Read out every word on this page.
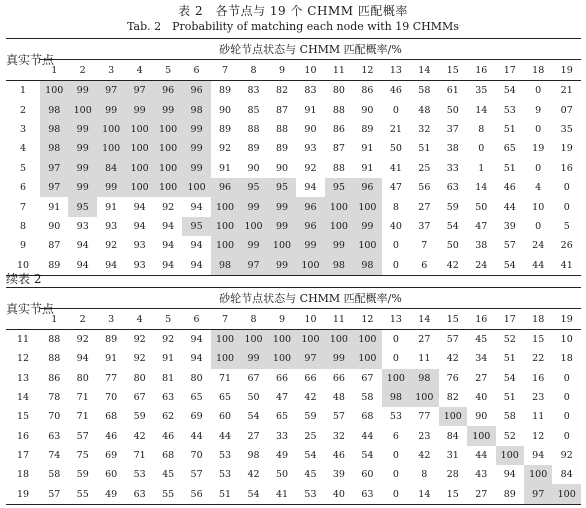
表 2　各节点与 19 个 CHMM 匹配概率
Tab. 2　Probability of matching each node with 19 CHMMs
真实节点	砂轮节点状态与 CHMM 匹配概率/%																		
	1	2	3	4	5	6	7	8	9	10	11	12	13	14	15	16	17	18	19
1	100	99	97	97	96	96	89	83	82	83	80	86	46	58	61	35	54	0	21
2	98	100	99	99	99	98	90	85	87	91	88	90	0	48	50	14	53	9	07
3	98	99	100	100	100	99	89	88	88	90	86	89	21	32	37	8	51	0	35
4	98	99	100	100	100	99	92	89	89	93	87	91	50	51	38	0	65	19	19
5	97	99	84	100	100	99	91	90	90	92	88	91	41	25	33	1	51	0	16
6	97	99	99	100	100	100	96	95	95	94	95	96	47	56	63	14	46	4	0
7	91	95	91	94	92	94	100	99	99	96	100	100	8	27	59	50	44	10	0
8	90	93	93	94	94	95	100	100	99	96	100	99	40	37	54	47	39	0	5
9	87	94	92	93	94	94	100	99	100	99	99	100	0	7	50	38	57	24	26
10	89	94	94	93	94	94	98	97	99	100	98	98	0	6	42	24	54	44	41
续表 2
真实节点	砂轮节点状态与 CHMM 匹配概率/%																		
	1	2	3	4	5	6	7	8	9	10	11	12	13	14	15	16	17	18	19
11	88	92	89	92	92	94	100	100	100	100	100	100	0	27	57	45	52	15	10
12	88	94	91	92	91	94	100	99	100	97	99	100	0	11	42	34	51	22	18
13	86	80	77	80	81	80	71	67	66	66	66	67	100	98	76	27	54	16	0
14	78	71	70	67	63	65	65	50	47	42	48	58	98	100	82	40	51	23	0
15	70	71	68	59	62	69	60	54	65	59	57	68	53	77	100	90	58	11	0
16	63	57	46	42	46	44	44	27	33	25	32	44	6	23	84	100	52	12	0
17	74	75	69	71	68	70	53	98	49	54	46	54	0	42	31	44	100	94	92
18	58	59	60	53	45	57	53	42	50	45	39	60	0	8	28	43	94	100	84
19	57	55	49	63	55	56	51	54	41	53	40	63	0	14	15	27	89	97	100
